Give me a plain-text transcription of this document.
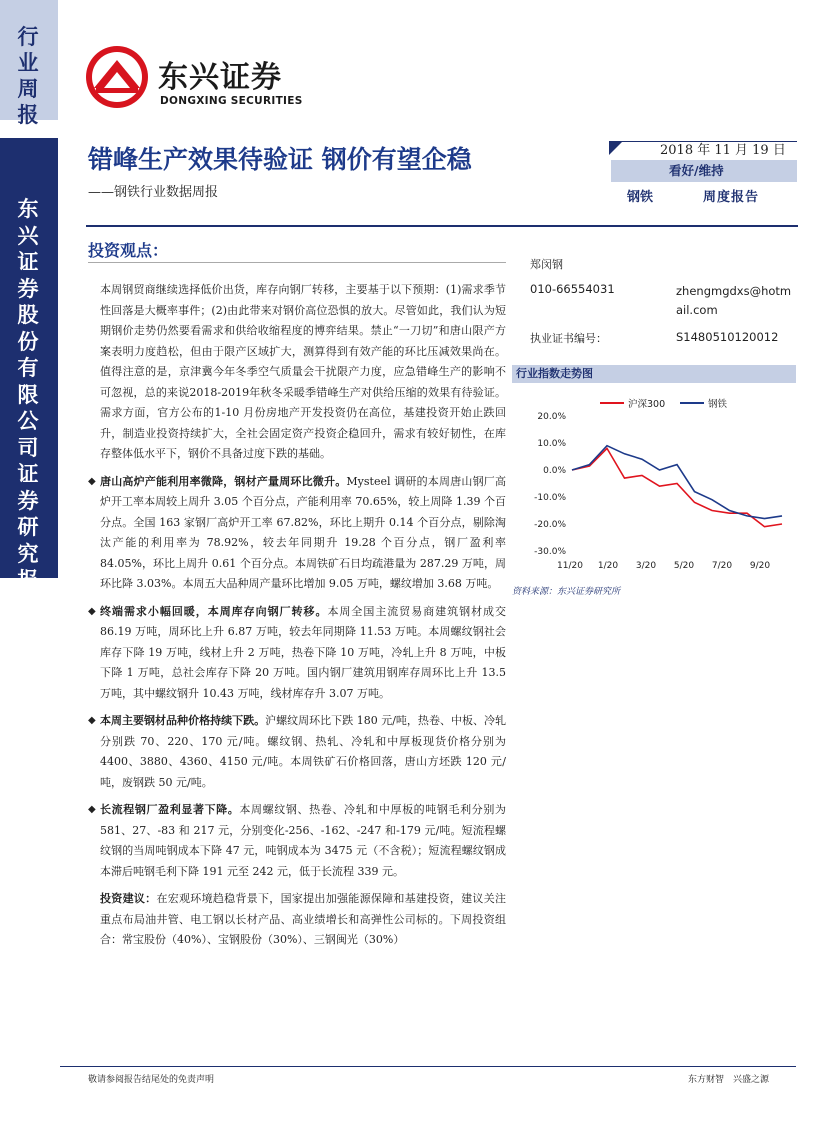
行业周报
东兴证券股份有限公司证券研究报告
东兴证券
DONGXING SECURITIES
错峰生产效果待验证 钢价有望企稳
——钢铁行业数据周报
2018 年 11 月 19 日
看好/维持
钢铁	周度报告
投资观点：

本周钢贸商继续选择低价出货，库存向钢厂转移，主要基于以下预期：(1)需求季节性回落是大概率事件；(2)由此带来对钢价高位恐惧的放大。尽管如此，我们认为短期钢价走势仍然要看需求和供给收缩程度的博弈结果。禁止“一刀切”和唐山限产方案表明力度趋松，但由于限产区域扩大，测算得到有效产能的环比压减效果尚在。值得注意的是，京津冀今年冬季空气质量会干扰限产力度，应急错峰生产的影响不可忽视，总的来说2018-2019年秋冬采暖季错峰生产对供给压缩的效果有待验证。需求方面，官方公布的1-10 月份房地产开发投资仍在高位，基建投资开始止跌回升，制造业投资持续扩大，全社会固定资产投资企稳回升，需求有较好韧性，在库存整体低水平下，钢价不具备过度下跌的基础。

◆ 唐山高炉产能利用率微降，钢材产量周环比微升。Mysteel 调研的本周唐山钢厂高炉开工率本周较上周升 3.05 个百分点，产能利用率 70.65%，较上周降 1.39 个百分点。全国 163 家钢厂高炉开工率 67.82%，环比上期升 0.14 个百分点，剔除淘汰产能的利用率为 78.92%，较去年同期升 19.28 个百分点，钢厂盈利率 84.05%，环比上周升 0.61 个百分点。本周铁矿石日均疏港量为 287.29 万吨，周环比降 3.03%。本周五大品种周产量环比增加 9.05 万吨，螺纹增加 3.68 万吨。

◆ 终端需求小幅回暖，本周库存向钢厂转移。本周全国主流贸易商建筑钢材成交 86.19 万吨，周环比上升 6.87 万吨，较去年同期降 11.53 万吨。本周螺纹钢社会库存下降 19 万吨，线材上升 2 万吨，热卷下降 10 万吨，冷轧上升 8 万吨，中板下降 1 万吨，总社会库存下降 20 万吨。国内钢厂建筑用钢库存周环比上升 13.5 万吨，其中螺纹钢升 10.43 万吨，线材库存升 3.07 万吨。

◆ 本周主要钢材品种价格持续下跌。沪螺纹周环比下跌 180 元/吨，热卷、中板、冷轧分别跌 70、220、170 元/吨。螺纹钢、热轧、冷轧和中厚板现货价格分别为 4400、3880、4360、4150 元/吨。本周铁矿石价格回落，唐山方坯跌 120 元/吨，废钢跌 50 元/吨。

◆ 长流程钢厂盈利显著下降。本周螺纹钢、热卷、冷轧和中厚板的吨钢毛利分别为 581、27、-83 和 217 元，分别变化-256、-162、-247 和-179 元/吨。短流程螺纹钢的当周吨钢成本下降 47 元，吨钢成本为 3475 元（不含税）；短流程螺纹钢成本滞后吨钢毛利下降 191 元至 242 元，低于长流程 339 元。

投资建议：在宏观环境趋稳背景下，国家提出加强能源保障和基建投资，建议关注重点布局油井管、电工钢以长材产品、高业绩增长和高弹性公司标的。下周投资组合：常宝股份（40%）、宝钢股份（30%）、三钢闽光（30%）

郑闵钢
010-66554031	zhengmgdxs@hotmail.com
执业证书编号：	S1480510120012
行业指数走势图
20.0%
10.0%
0.0%
-10.0%
-20.0%
-30.0%
11/20 1/20 3/20 5/20 7/20 9/20
沪深300	钢铁
资料来源：东兴证券研究所
敬请参阅报告结尾处的免责声明	东方财智　兴盛之源
